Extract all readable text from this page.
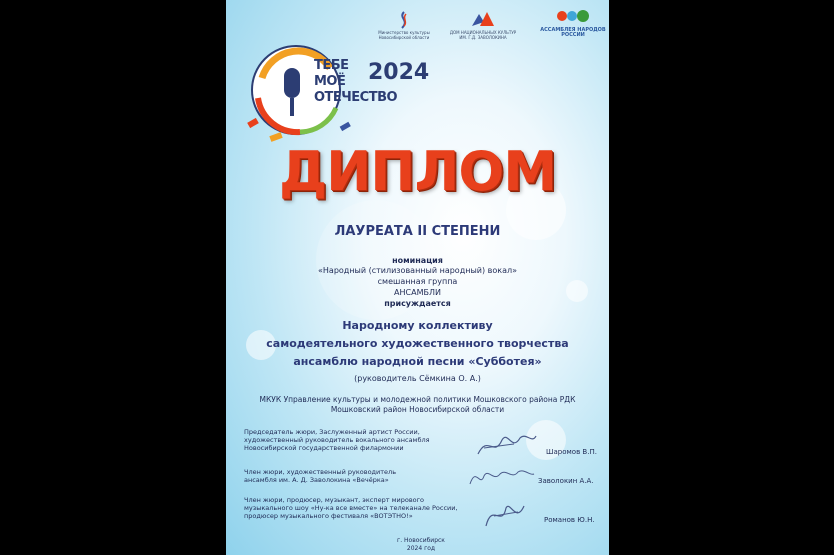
Министерство культуры Новосибирской области
ДОМ НАЦИОНАЛЬНЫХ КУЛЬТУР ИМ. Г.Д. ЗАВОЛОКИНА
АССАМБЛЕЯ НАРОДОВ РОССИИ
ТЕБЕ
МОЁ
ОТЕЧЕСТВО
2024
ДИПЛОМ
ЛАУРЕАТА II СТЕПЕНИ
номинация
«Народный (стилизованный народный) вокал»
смешанная группа
АНСАМБЛИ
присуждается
Народному коллективу
самодеятельного художественного творчества
ансамблю народной песни «Субботея»
(руководитель Сёмкина О. А.)
МКУК Управление культуры и молодежной политики Мошковского района РДК
Мошковский район Новосибирской области
Председатель жюри, Заслуженный артист России,
художественный руководитель вокального ансамбля
Новосибирской государственной филармонии	Шаромов В.П.
Член жюри, художественный руководитель
ансамбля им. А. Д. Заволокина «Вечёрка»	Заволокин А.А.
Член жюри, продюсер, музыкант, эксперт мирового
музыкального шоу «Ну-ка все вместе» на телеканале России,
продюсер музыкального фестиваля «ВОТЭТНО!»	Романов Ю.Н.
г. Новосибирск
2024 год
